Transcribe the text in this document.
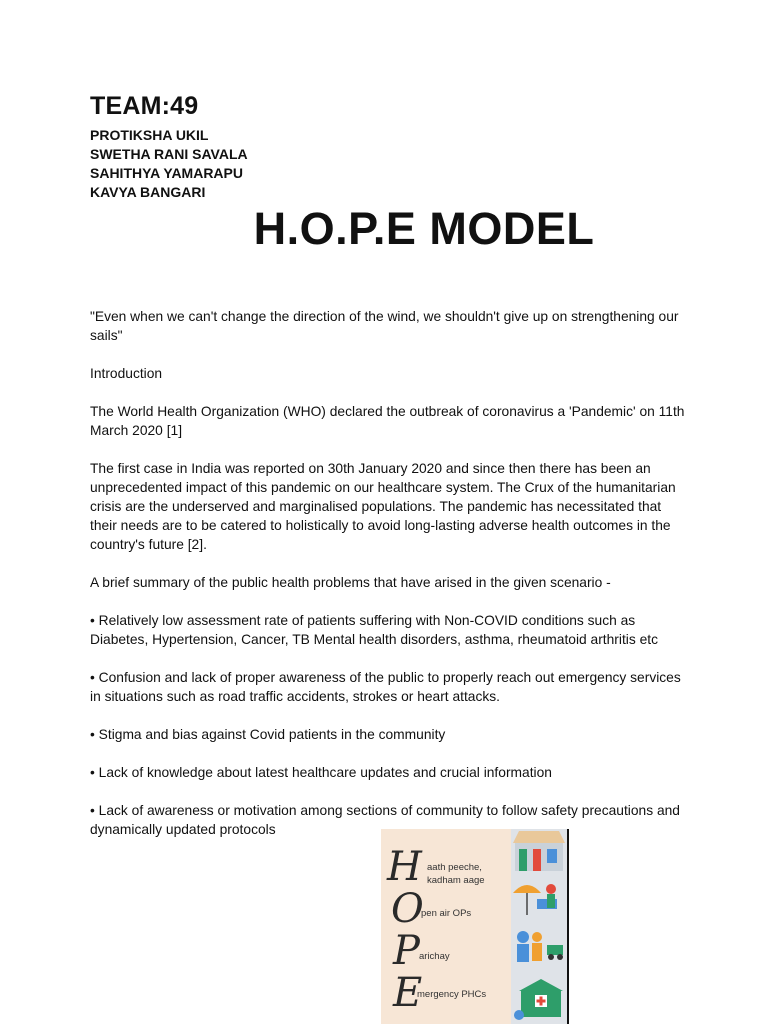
TEAM:49
PROTIKSHA UKIL
SWETHA RANI SAVALA
SAHITHYA YAMARAPU
KAVYA BANGARI
H.O.P.E MODEL

"Even when we can't change the direction of the wind, we shouldn't give up on strengthening our sails"

Introduction

The World Health Organization (WHO) declared the outbreak of coronavirus a 'Pandemic' on 11th March 2020 [1]

The first case in India was reported on 30th January 2020 and since then there has been an unprecedented impact of this pandemic on our healthcare system. The Crux of the humanitarian crisis are the underserved and marginalised populations. The pandemic has necessitated that their needs are to be catered to holistically to avoid long-lasting adverse health outcomes in the country's future [2].

A brief summary of the public health problems that have arised in the given scenario -

• Relatively low assessment rate of patients suffering with Non-COVID conditions such as Diabetes, Hypertension, Cancer, TB Mental health disorders, asthma, rheumatoid arthritis etc

• Confusion and lack of proper awareness of the public to properly reach out emergency services in situations such as road traffic accidents, strokes or heart attacks.

• Stigma and bias against Covid patients in the community

• Lack of knowledge about latest healthcare updates and crucial information

• Lack of awareness or motivation among sections of community to follow safety precautions and dynamically updated protocols

H
O
P
E
aath peeche,
kadham aage
pen air OPs
arichay
mergency PHCs
